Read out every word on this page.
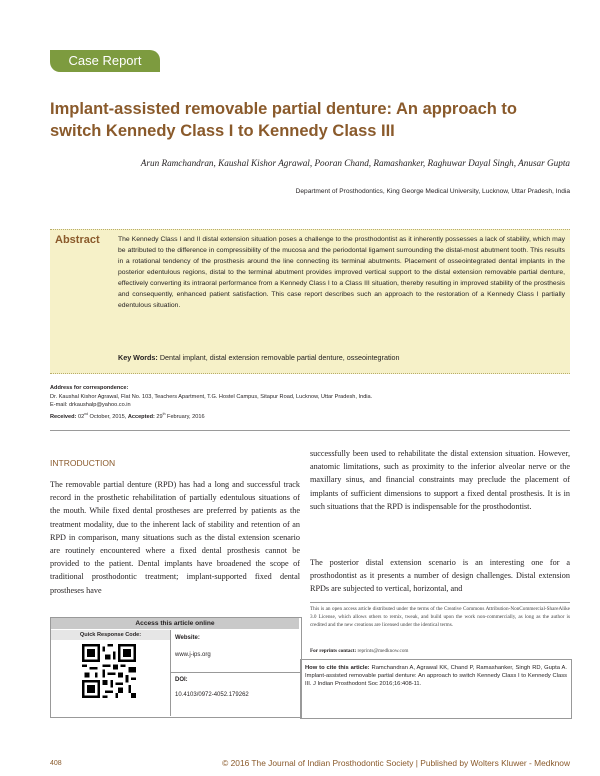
Case Report
Implant-assisted removable partial denture: An approach to switch Kennedy Class I to Kennedy Class III
Arun Ramchandran, Kaushal Kishor Agrawal, Pooran Chand, Ramashanker, Raghuwar Dayal Singh, Anusar Gupta
Department of Prosthodontics, King George Medical University, Lucknow, Uttar Pradesh, India
Abstract	The Kennedy Class I and II distal extension situation poses a challenge to the prosthodontist as it inherently possesses a lack of stability, which may be attributed to the difference in compressibility of the mucosa and the periodontal ligament surrounding the distal-most abutment tooth. This results in a rotational tendency of the prosthesis around the line connecting its terminal abutments. Placement of osseointegrated dental implants in the posterior edentulous regions, distal to the terminal abutment provides improved vertical support to the distal extension removable partial denture, effectively converting its intraoral performance from a Kennedy Class I to a Class III situation, thereby resulting in improved stability of the prosthesis and consequently, enhanced patient satisfaction. This case report describes such an approach to the restoration of a Kennedy Class I partially edentulous situation.
Key Words: Dental implant, distal extension removable partial denture, osseointegration
Address for correspondence:
Dr. Kaushal Kishor Agrawal, Flat No. 103, Teachers Apartment, T.G. Hostel Campus, Sitapur Road, Lucknow, Uttar Pradesh, India.
E-mail: drkaushalp@yahoo.co.in
Received: 02nd October, 2015, Accepted: 29th February, 2016
INTRODUCTION
The removable partial denture (RPD) has had a long and successful track record in the prosthetic rehabilitation of partially edentulous situations of the mouth. While fixed dental prostheses are preferred by patients as the treatment modality, due to the inherent lack of stability and retention of an RPD in comparison, many situations such as the distal extension scenario are routinely encountered where a fixed dental prosthesis cannot be provided to the patient. Dental implants have broadened the scope of traditional prosthodontic treatment; implant-supported fixed dental prostheses have
successfully been used to rehabilitate the distal extension situation. However, anatomic limitations, such as proximity to the inferior alveolar nerve or the maxillary sinus, and financial constraints may preclude the placement of implants of sufficient dimensions to support a fixed dental prosthesis. It is in such situations that the RPD is indispensable for the prosthodontist.
The posterior distal extension scenario is an interesting one for a prosthodontist as it presents a number of design challenges. Distal extension RPDs are subjected to vertical, horizontal, and
Access this article online
Quick Response Code:	Website:
www.j-ips.org
DOI:
10.4103/0972-4052.179262
This is an open access article distributed under the terms of the Creative Commons Attribution-NonCommercial-ShareAlike 3.0 License, which allows others to remix, tweak, and build upon the work non-commercially, as long as the author is credited and the new creations are licensed under the identical terms.
For reprints contact: reprints@medknow.com
How to cite this article: Ramchandran A, Agrawal KK, Chand P, Ramashanker, Singh RD, Gupta A. Implant-assisted removable partial denture: An approach to switch Kennedy Class I to Kennedy Class III. J Indian Prosthodont Soc 2016;16:408-11.
408	© 2016 The Journal of Indian Prosthodontic Society | Published by Wolters Kluwer - Medknow
